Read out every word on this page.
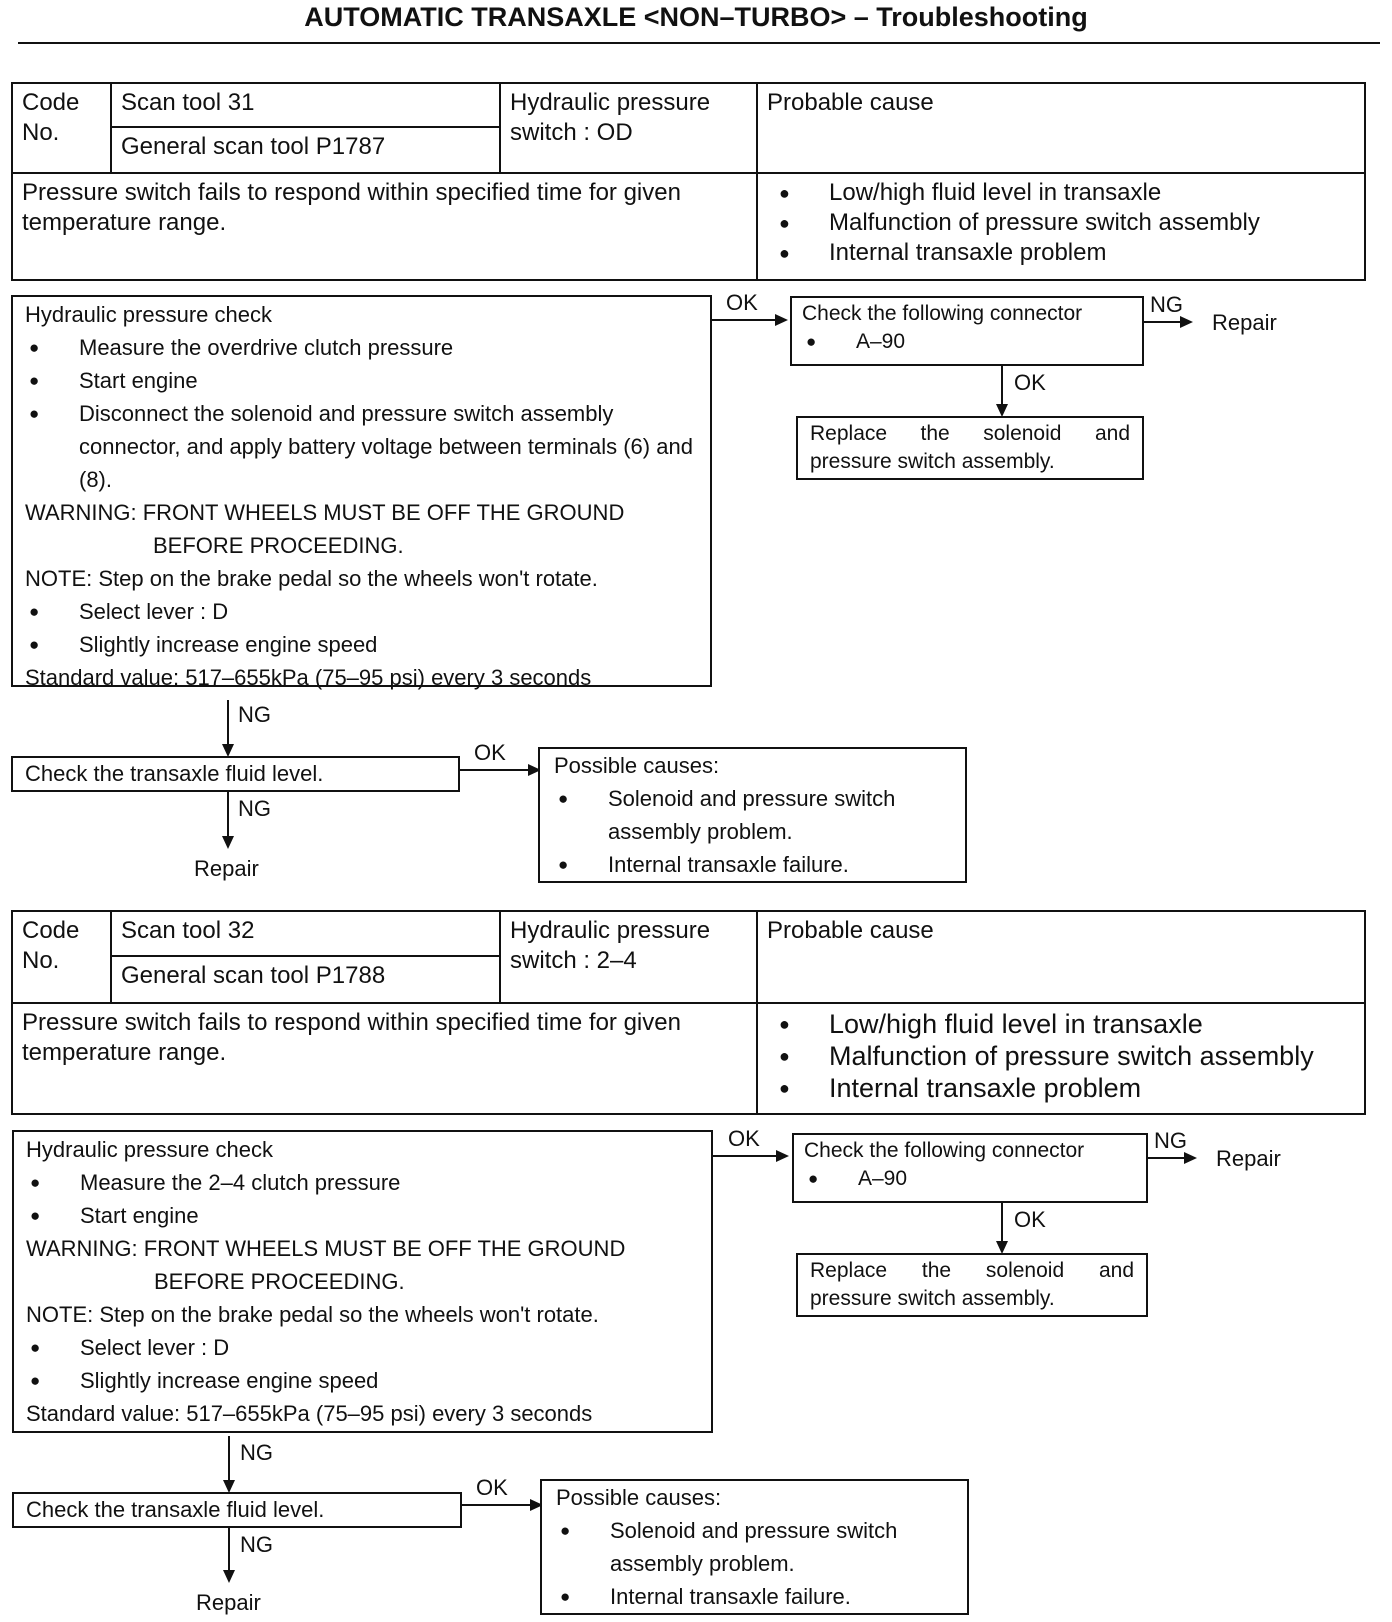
AUTOMATIC TRANSAXLE <NON–TURBO> – Troubleshooting
Code No.
Scan tool 31
General scan tool P1787
Hydraulic pressure switch : OD
Probable cause
Pressure switch fails to respond within specified time for given temperature range.
● Low/high fluid level in transaxle
● Malfunction of pressure switch assembly
● Internal transaxle problem
Hydraulic pressure check
● Measure the overdrive clutch pressure
● Start engine
● Disconnect the solenoid and pressure switch assembly connector, and apply battery voltage between terminals (6) and (8).
WARNING: FRONT WHEELS MUST BE OFF THE GROUND
BEFORE PROCEEDING.
NOTE: Step on the brake pedal so the wheels won't rotate.
● Select lever : D
● Slightly increase engine speed
Standard value: 517–655kPa (75–95 psi) every 3 seconds
OK Check the following connector
● A–90
NG
Repair
OK
Replace the solenoid and pressure switch assembly.
NG
Check the transaxle fluid level.
OK
Possible causes:
● Solenoid and pressure switch assembly problem.
● Internal transaxle failure.
NG
Repair
Code No.
Scan tool 32
General scan tool P1788
Hydraulic pressure switch : 2–4
Probable cause
Pressure switch fails to respond within specified time for given temperature range.
● Low/high fluid level in transaxle
● Malfunction of pressure switch assembly
● Internal transaxle problem
Hydraulic pressure check
● Measure the 2–4 clutch pressure
● Start engine
WARNING: FRONT WHEELS MUST BE OFF THE GROUND
BEFORE PROCEEDING.
NOTE: Step on the brake pedal so the wheels won't rotate.
● Select lever : D
● Slightly increase engine speed
Standard value: 517–655kPa (75–95 psi) every 3 seconds
OK Check the following connector
● A–90
NG
Repair
OK
Replace the solenoid and pressure switch assembly.
NG
Check the transaxle fluid level.
OK Possible causes:
● Solenoid and pressure switch assembly problem.
● Internal transaxle failure.
NG
Repair
